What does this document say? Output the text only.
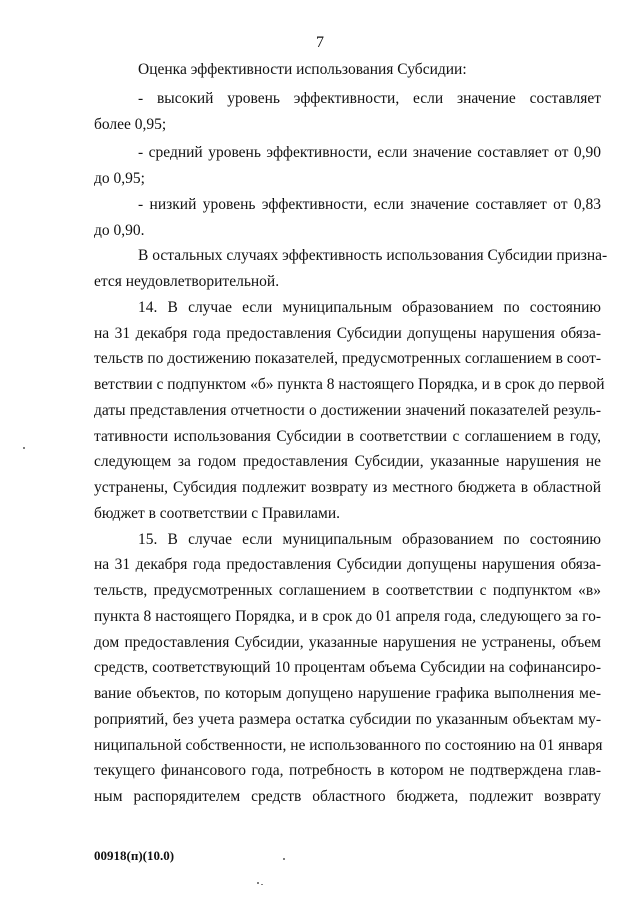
7
Оценка эффективности использования Субсидии:
- высокий уровень эффективности, если значение составляет
более 0,95;
- средний уровень эффективности, если значение составляет от 0,90
до 0,95;
- низкий уровень эффективности, если значение составляет от 0,83
до 0,90.
В остальных случаях эффективность использования Субсидии призна-
ется неудовлетворительной.
14. В случае если муниципальным образованием по состоянию
на 31 декабря года предоставления Субсидии допущены нарушения обяза-
тельств по достижению показателей, предусмотренных соглашением в соот-
ветствии с подпунктом «б» пункта 8 настоящего Порядка, и в срок до первой
даты представления отчетности о достижении значений показателей резуль-
тативности использования Субсидии в соответствии с соглашением в году,
следующем за годом предоставления Субсидии, указанные нарушения не
устранены, Субсидия подлежит возврату из местного бюджета в областной
бюджет в соответствии с Правилами.
15. В случае если муниципальным образованием по состоянию
на 31 декабря года предоставления Субсидии допущены нарушения обяза-
тельств, предусмотренных соглашением в соответствии с подпунктом «в»
пункта 8 настоящего Порядка, и в срок до 01 апреля года, следующего за го-
дом предоставления Субсидии, указанные нарушения не устранены, объем
средств, соответствующий 10 процентам объема Субсидии на софинансиро-
вание объектов, по которым допущено нарушение графика выполнения ме-
роприятий, без учета размера остатка субсидии по указанным объектам му-
ниципальной собственности, не использованного по состоянию на 01 января
текущего финансового года, потребность в котором не подтверждена глав-
ным распорядителем средств областного бюджета, подлежит возврату
00918(п)(10.0)
